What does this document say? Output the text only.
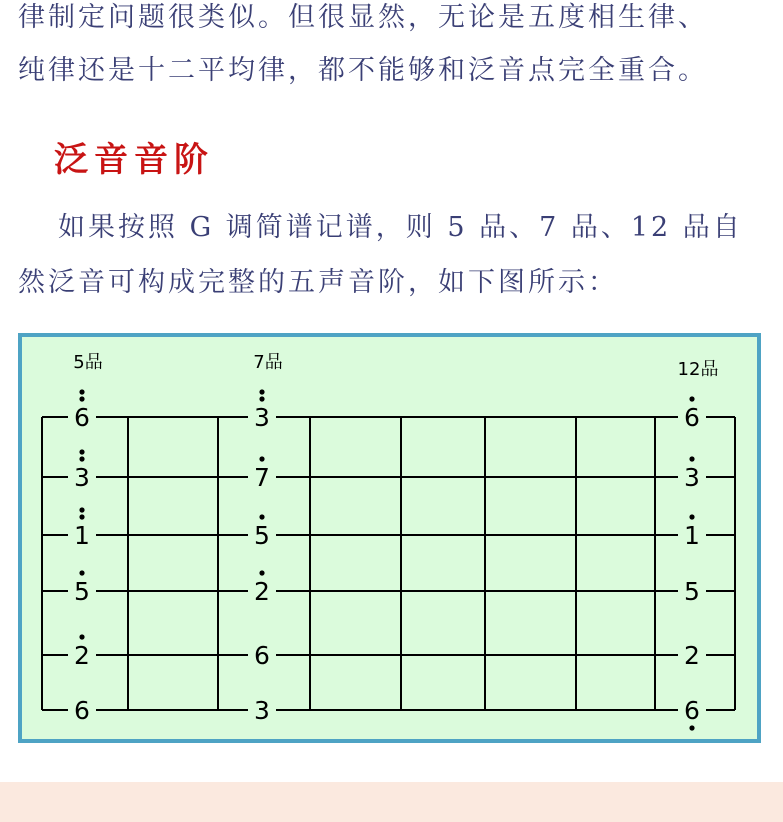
律制定问题很类似。但很显然，无论是五度相生律、
纯律还是十二平均律，都不能够和泛音点完全重合。
泛音音阶
如果按照 G 调简谱记谱，则 5 品、7 品、12 品自
然泛音可构成完整的五声音阶，如下图所示：
5品	7品	12品
6
3
1
5
2
6
3
7
5
2
6
3
6
3
1
5
2
6
